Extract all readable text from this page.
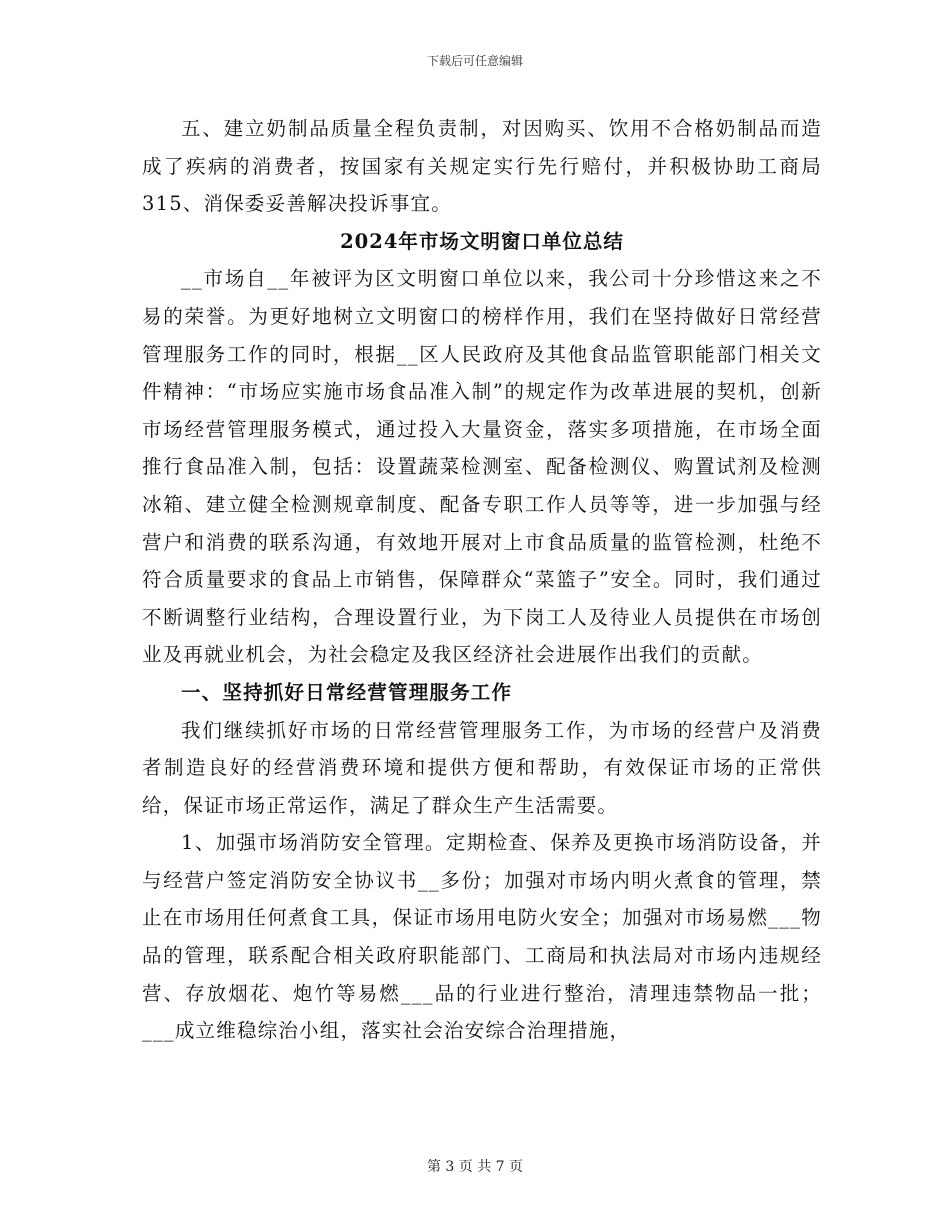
下载后可任意编辑

五、建立奶制品质量全程负责制，对因购买、饮用不合格奶制品而造成了疾病的消费者，按国家有关规定实行先行赔付，并积极协助工商局315、消保委妥善解决投诉事宜。

2024年市场文明窗口单位总结

__市场自__年被评为区文明窗口单位以来，我公司十分珍惜这来之不易的荣誉。为更好地树立文明窗口的榜样作用，我们在坚持做好日常经营管理服务工作的同时，根据__区人民政府及其他食品监管职能部门相关文件精神：“市场应实施市场食品准入制”的规定作为改革进展的契机，创新市场经营管理服务模式，通过投入大量资金，落实多项措施，在市场全面推行食品准入制，包括：设置蔬菜检测室、配备检测仪、购置试剂及检测冰箱、建立健全检测规章制度、配备专职工作人员等等，进一步加强与经营户和消费的联系沟通，有效地开展对上市食品质量的监管检测，杜绝不符合质量要求的食品上市销售，保障群众“菜篮子”安全。同时，我们通过不断调整行业结构，合理设置行业，为下岗工人及待业人员提供在市场创业及再就业机会，为社会稳定及我区经济社会进展作出我们的贡献。

一、坚持抓好日常经营管理服务工作

我们继续抓好市场的日常经营管理服务工作，为市场的经营户及消费者制造良好的经营消费环境和提供方便和帮助，有效保证市场的正常供给，保证市场正常运作，满足了群众生产生活需要。

1、加强市场消防安全管理。定期检查、保养及更换市场消防设备，并与经营户签定消防安全协议书__多份；加强对市场内明火煮食的管理，禁止在市场用任何煮食工具，保证市场用电防火安全；加强对市场易燃___物品的管理，联系配合相关政府职能部门、工商局和执法局对市场内违规经营、存放烟花、炮竹等易燃___品的行业进行整治，清理违禁物品一批；___成立维稳综治小组，落实社会治安综合治理措施，

第 3 页 共 7 页
